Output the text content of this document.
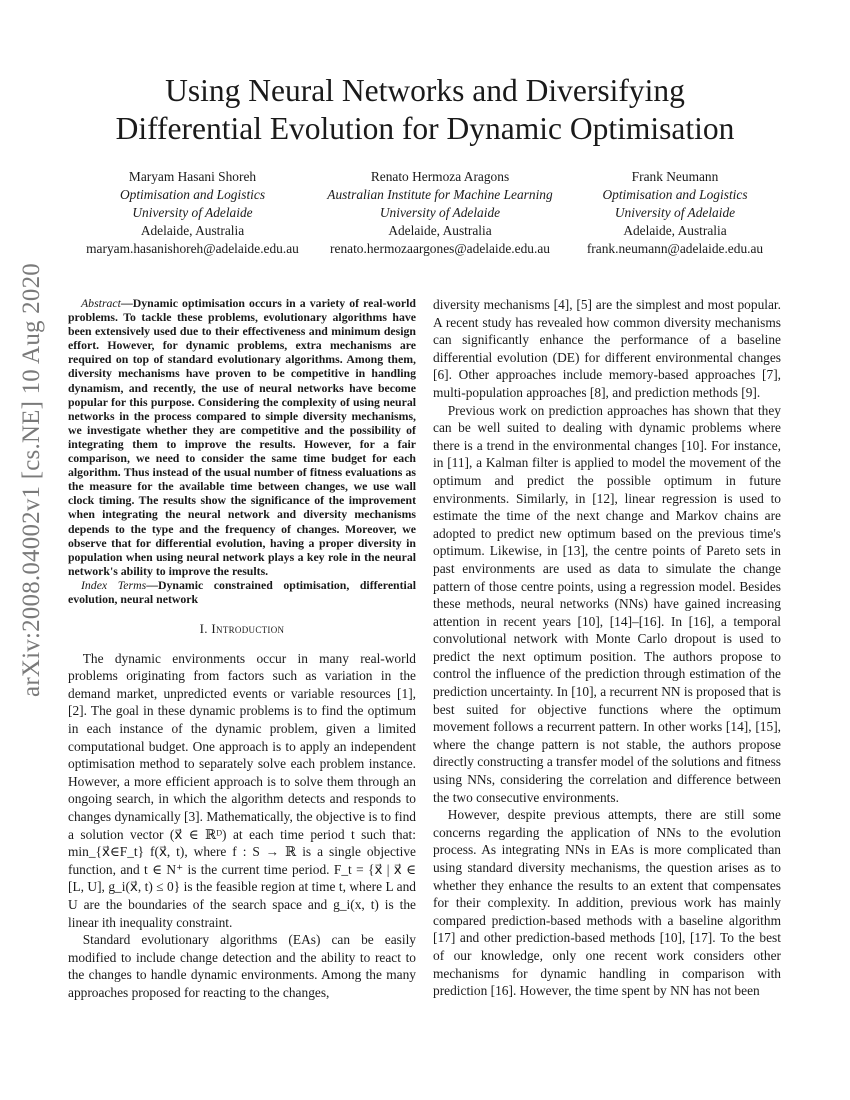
arXiv:2008.04002v1 [cs.NE] 10 Aug 2020
Using Neural Networks and Diversifying
Differential Evolution for Dynamic Optimisation
Maryam Hasani Shoreh
Optimisation and Logistics
University of Adelaide
Adelaide, Australia
maryam.hasanishoreh@adelaide.edu.au
Renato Hermoza Aragons
Australian Institute for Machine Learning
University of Adelaide
Adelaide, Australia
renato.hermozaargones@adelaide.edu.au
Frank Neumann
Optimisation and Logistics
University of Adelaide
Adelaide, Australia
frank.neumann@adelaide.edu.au

Abstract—Dynamic optimisation occurs in a variety of real-world problems. To tackle these problems, evolutionary algorithms have been extensively used due to their effectiveness and minimum design effort. However, for dynamic problems, extra mechanisms are required on top of standard evolutionary algorithms. Among them, diversity mechanisms have proven to be competitive in handling dynamism, and recently, the use of neural networks have become popular for this purpose. Considering the complexity of using neural networks in the process compared to simple diversity mechanisms, we investigate whether they are competitive and the possibility of integrating them to improve the results. However, for a fair comparison, we need to consider the same time budget for each algorithm. Thus instead of the usual number of fitness evaluations as the measure for the available time between changes, we use wall clock timing. The results show the significance of the improvement when integrating the neural network and diversity mechanisms depends to the type and the frequency of changes. Moreover, we observe that for differential evolution, having a proper diversity in population when using neural network plays a key role in the neural network's ability to improve the results.

Index Terms—Dynamic constrained optimisation, differential evolution, neural network

I. Introduction

The dynamic environments occur in many real-world problems originating from factors such as variation in the demand market, unpredicted events or variable resources [1], [2]. The goal in these dynamic problems is to find the optimum in each instance of the dynamic problem, given a limited computational budget. One approach is to apply an independent optimisation method to separately solve each problem instance. However, a more efficient approach is to solve them through an ongoing search, in which the algorithm detects and responds to changes dynamically [3]. Mathematically, the objective is to find a solution vector (x⃗ ∈ ℝᴰ) at each time period t such that: min_{x⃗∈F_t} f(x⃗, t), where f : S → ℝ is a single objective function, and t ∈ N⁺ is the current time period. F_t = {x⃗ | x⃗ ∈ [L, U], g_i(x⃗, t) ≤ 0} is the feasible region at time t, where L and U are the boundaries of the search space and g_i(x, t) is the linear ith inequality constraint.

Standard evolutionary algorithms (EAs) can be easily modified to include change detection and the ability to react to the changes to handle dynamic environments. Among the many approaches proposed for reacting to the changes,

diversity mechanisms [4], [5] are the simplest and most popular. A recent study has revealed how common diversity mechanisms can significantly enhance the performance of a baseline differential evolution (DE) for different environmental changes [6]. Other approaches include memory-based approaches [7], multi-population approaches [8], and prediction methods [9].

Previous work on prediction approaches has shown that they can be well suited to dealing with dynamic problems where there is a trend in the environmental changes [10]. For instance, in [11], a Kalman filter is applied to model the movement of the optimum and predict the possible optimum in future environments. Similarly, in [12], linear regression is used to estimate the time of the next change and Markov chains are adopted to predict new optimum based on the previous time's optimum. Likewise, in [13], the centre points of Pareto sets in past environments are used as data to simulate the change pattern of those centre points, using a regression model. Besides these methods, neural networks (NNs) have gained increasing attention in recent years [10], [14]–[16]. In [16], a temporal convolutional network with Monte Carlo dropout is used to predict the next optimum position. The authors propose to control the influence of the prediction through estimation of the prediction uncertainty. In [10], a recurrent NN is proposed that is best suited for objective functions where the optimum movement follows a recurrent pattern. In other works [14], [15], where the change pattern is not stable, the authors propose directly constructing a transfer model of the solutions and fitness using NNs, considering the correlation and difference between the two consecutive environments.

However, despite previous attempts, there are still some concerns regarding the application of NNs to the evolution process. As integrating NNs in EAs is more complicated than using standard diversity mechanisms, the question arises as to whether they enhance the results to an extent that compensates for their complexity. In addition, previous work has mainly compared prediction-based methods with a baseline algorithm [17] and other prediction-based methods [10], [17]. To the best of our knowledge, only one recent work considers other mechanisms for dynamic handling in comparison with prediction [16]. However, the time spent by NN has not been
